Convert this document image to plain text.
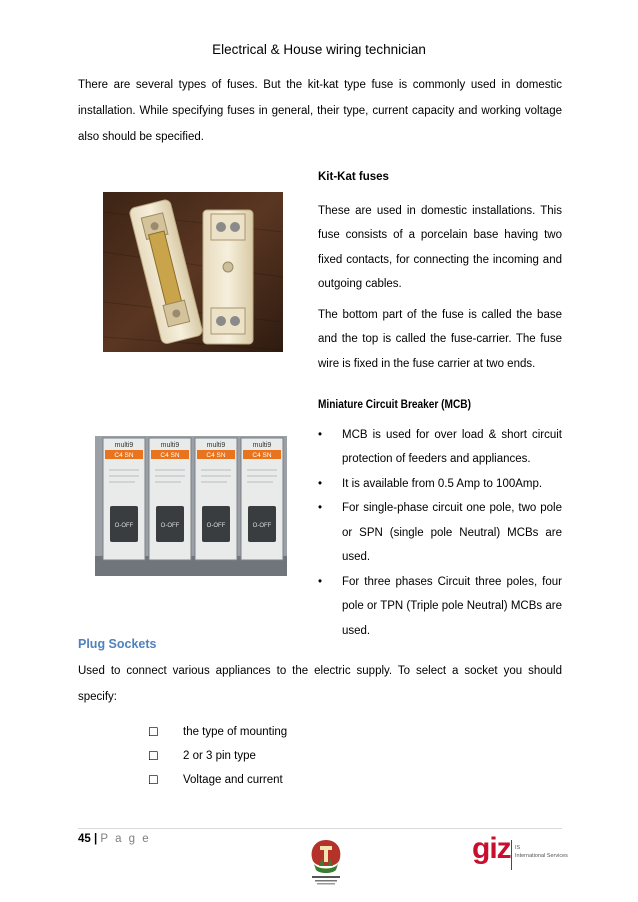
Electrical & House wiring technician
There are several types of fuses. But the kit-kat type fuse is commonly used in domestic installation. While specifying fuses in general, their type, current capacity and working voltage also should be specified.
Kit-Kat fuses
These are used in domestic installations. This fuse consists of a porcelain base having two fixed contacts, for connecting the incoming and outgoing cables.
The bottom part of the fuse is called the base and the top is called the fuse-carrier. The fuse wire is fixed in the fuse carrier at two ends.
multi9
C4 SN
O-OFF
multi9
C4 SN
O-OFF
multi9
C4 SN
O-OFF
multi9
C4 SN
O-OFF
Miniature Circuit Breaker (MCB)
• MCB is used for over load & short circuit protection of feeders and appliances.
• It is available from 0.5 Amp to 100Amp.
• For single-phase circuit one pole, two pole or SPN (single pole Neutral) MCBs are used.
• For three phases Circuit three poles, four pole or TPN (Triple pole Neutral) MCBs are used.
Plug Sockets
Used to connect various appliances to the electric supply. To select a socket you should specify:
☐ the type of mounting
☐ 2 or 3 pin type
☐ Voltage and current
45 | P a g e	giz IS
International Services
